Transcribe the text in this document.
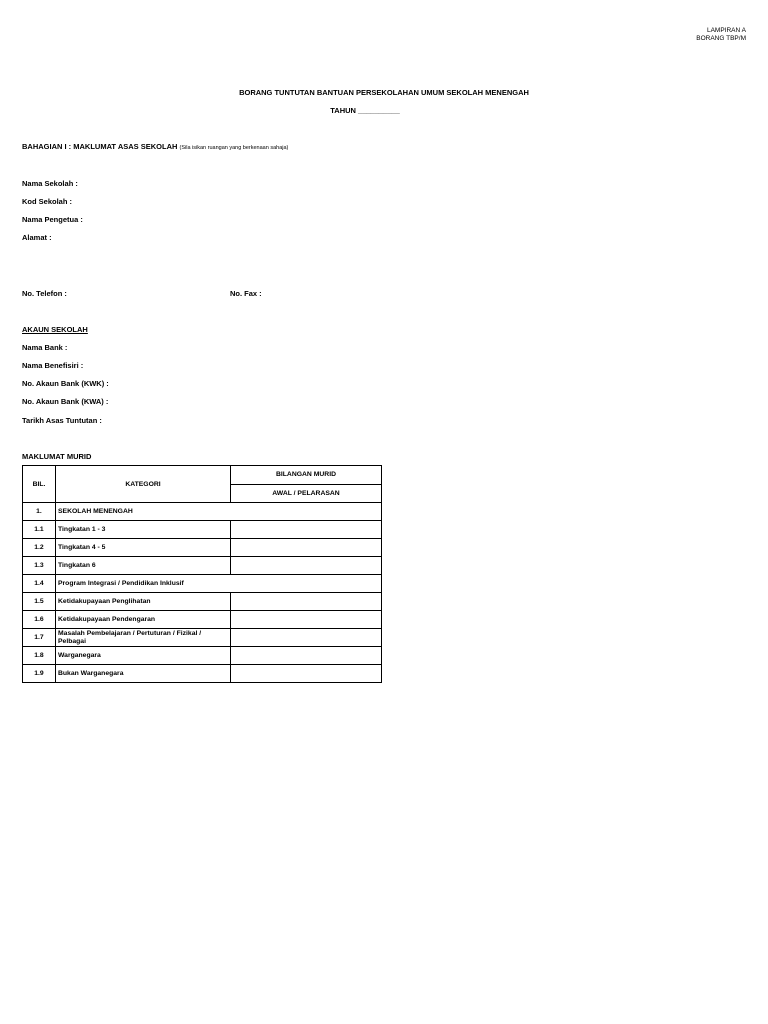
LAMPIRAN A
BORANG TBP/M
BORANG TUNTUTAN BANTUAN PERSEKOLAHAN UMUM SEKOLAH MENENGAH
TAHUN __________
BAHAGIAN I : MAKLUMAT ASAS SEKOLAH (Sila isikan ruangan yang berkenaan sahaja)
Nama Sekolah :
Kod Sekolah :
Nama Pengetua :
Alamat :
No. Telefon :	No. Fax :
AKAUN SEKOLAH
Nama Bank :
Nama Benefisiri :
No. Akaun Bank (KWK) :
No. Akaun Bank (KWA) :
Tarikh Asas Tuntutan :
MAKLUMAT MURID
BIL.	KATEGORI	BILANGAN MURID
		AWAL / PELARASAN
1.	SEKOLAH MENENGAH	
1.1	Tingkatan 1 - 3	
1.2	Tingkatan 4 - 5	
1.3	Tingkatan 6	
1.4	Program Integrasi / Pendidikan Inklusif	
1.5	Ketidakupayaan Penglihatan	
1.6	Ketidakupayaan Pendengaran	
1.7	Masalah Pembelajaran / Pertuturan / Fizikal / Pelbagai	
1.8	Warganegara	
1.9	Bukan Warganegara	
